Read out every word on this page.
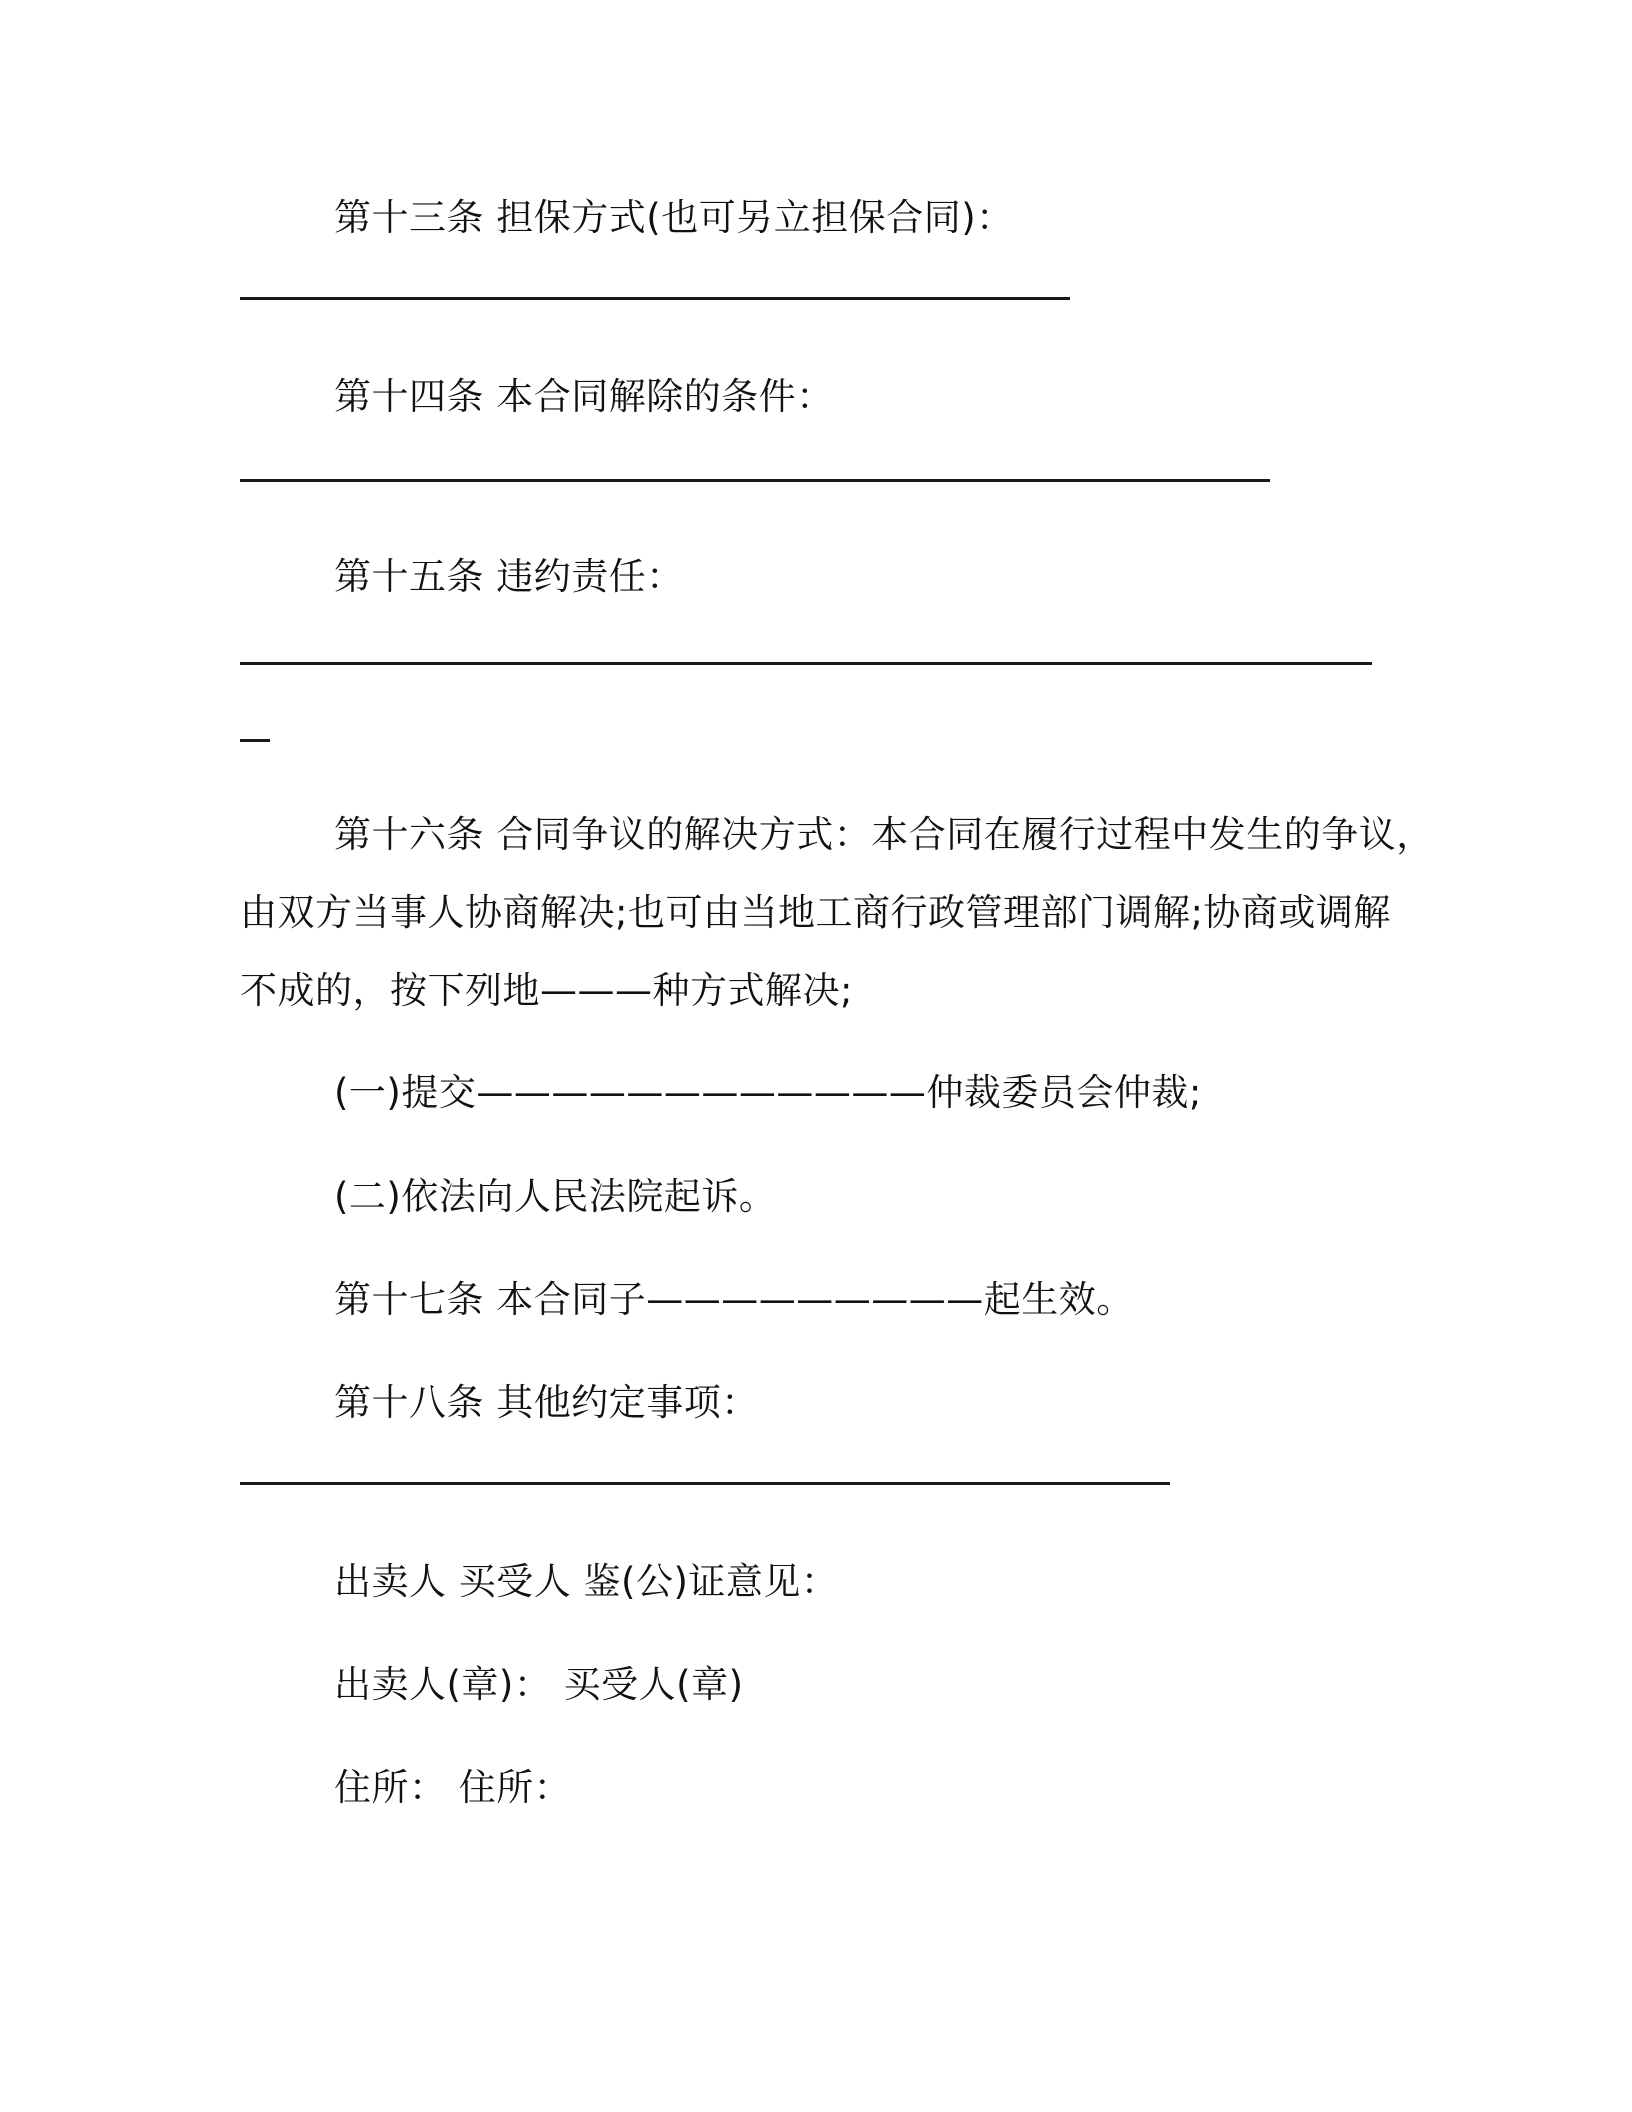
第十三条 担保方式(也可另立担保合同)：
第十四条 本合同解除的条件：
第十五条 违约责任：
第十六条 合同争议的解决方式：本合同在履行过程中发生的争议，
由双方当事人协商解决;也可由当地工商行政管理部门调解;协商或调解
不成的，按下列地———种方式解决;
(一)提交————————————仲裁委员会仲裁;
(二)依法向人民法院起诉。
第十七条 本合同子—————————起生效。
第十八条 其他约定事项：
出卖人 买受人 鉴(公)证意见：
出卖人(章)： 买受人(章)
住所： 住所：
